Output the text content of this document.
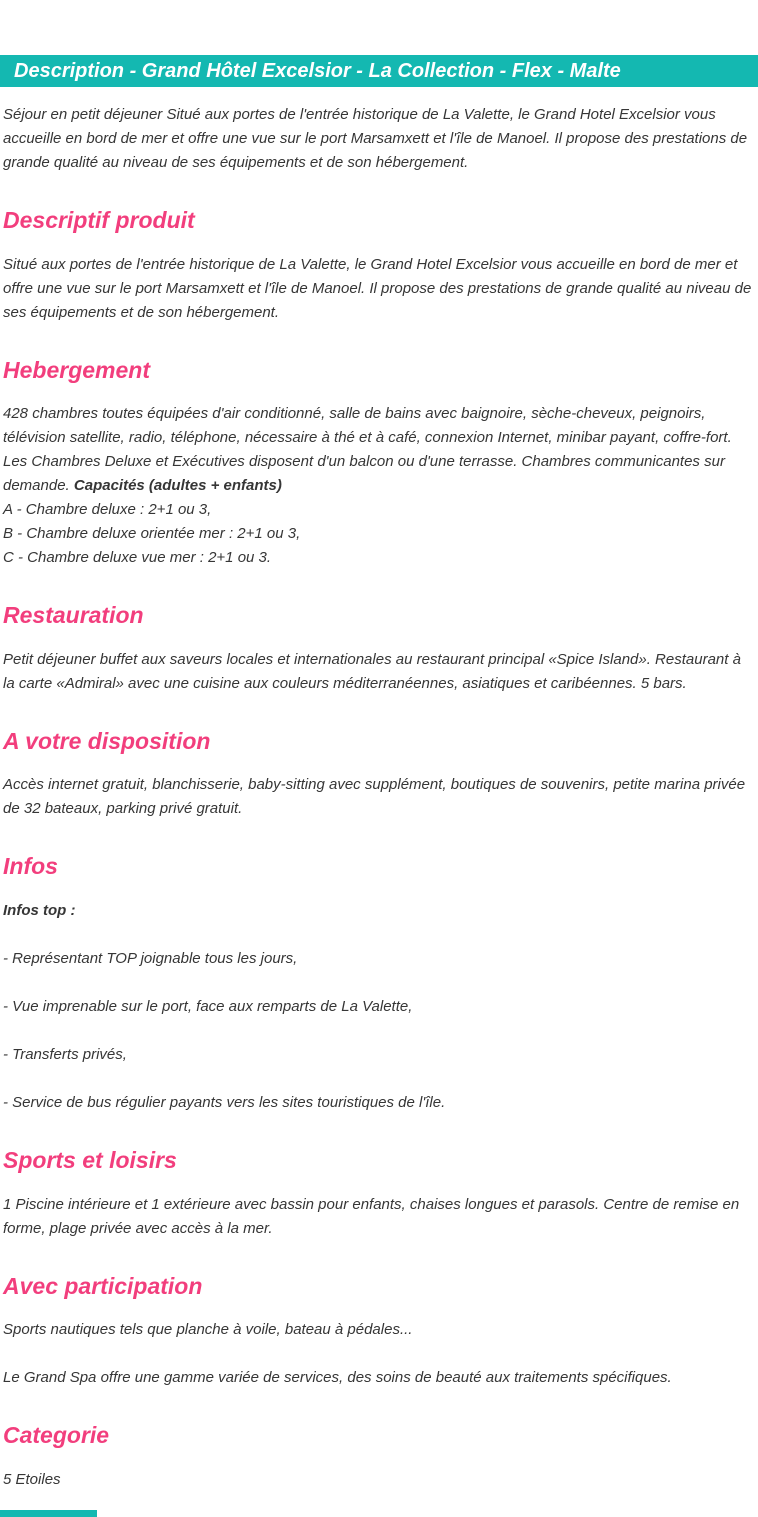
Description - Grand Hôtel Excelsior - La Collection - Flex - Malte

Séjour en petit déjeuner Situé aux portes de l'entrée historique de La Valette, le Grand Hotel Excelsior vous accueille en bord de mer et offre une vue sur le port Marsamxett et l'île de Manoel. Il propose des prestations de grande qualité au niveau de ses équipements et de son hébergement.

Descriptif produit

Situé aux portes de l'entrée historique de La Valette, le Grand Hotel Excelsior vous accueille en bord de mer et offre une vue sur le port Marsamxett et l'île de Manoel. Il propose des prestations de grande qualité au niveau de ses équipements et de son hébergement.

Hebergement

428 chambres toutes équipées d'air conditionné, salle de bains avec baignoire, sèche-cheveux, peignoirs, télévision satellite, radio, téléphone, nécessaire à thé et à café, connexion Internet, minibar payant, coffre-fort. Les Chambres Deluxe et Exécutives disposent d'un balcon ou d'une terrasse. Chambres communicantes sur demande. Capacités (adultes + enfants)

A - Chambre deluxe : 2+1 ou 3,
B - Chambre deluxe orientée mer : 2+1 ou 3,
C - Chambre deluxe vue mer : 2+1 ou 3.
Restauration

Petit déjeuner buffet aux saveurs locales et internationales au restaurant principal «Spice Island». Restaurant à la carte «Admiral» avec une cuisine aux couleurs méditerranéennes, asiatiques et caribéennes. 5 bars.

A votre disposition

Accès internet gratuit, blanchisserie, baby-sitting avec supplément, boutiques de souvenirs, petite marina privée de 32 bateaux, parking privé gratuit.

Infos

Infos top :

- Représentant TOP joignable tous les jours,

- Vue imprenable sur le port, face aux remparts de La Valette,

- Transferts privés,

- Service de bus régulier payants vers les sites touristiques de l'île.

Sports et loisirs

1 Piscine intérieure et 1 extérieure avec bassin pour enfants, chaises longues et parasols. Centre de remise en forme, plage privée avec accès à la mer.

Avec participation

Sports nautiques tels que planche à voile, bateau à pédales...

Le Grand Spa offre une gamme variée de services, des soins de beauté aux traitements spécifiques.

Categorie

5 Etoiles
